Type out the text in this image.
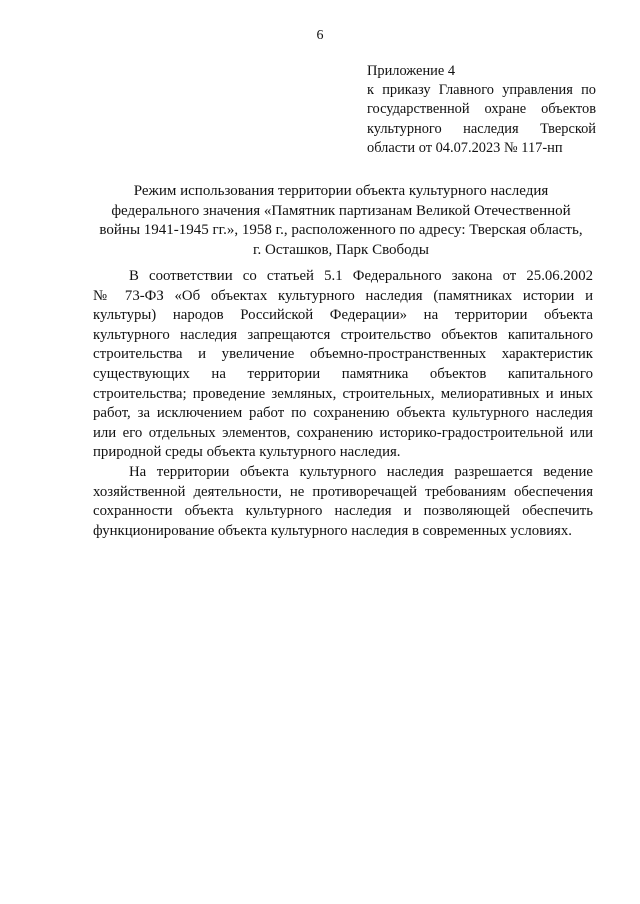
6
Приложение 4
к приказу Главного управления по
государственной охране объектов
культурного наследия Тверской
области от 04.07.2023 № 117-нп
Режим использования территории объекта культурного наследия
федерального значения «Памятник партизанам Великой Отечественной
войны 1941-1945 гг.», 1958 г., расположенного по адресу: Тверская область,
г. Осташков, Парк Свободы
В соответствии со статьей 5.1 Федерального закона от 25.06.2002
№ 73-ФЗ «Об объектах культурного наследия (памятниках истории и
культуры) народов Российской Федерации» на территории объекта
культурного наследия запрещаются строительство объектов капитального
строительства и увеличение объемно-пространственных характеристик
существующих на территории памятника объектов капитального
строительства; проведение земляных, строительных, мелиоративных и иных
работ, за исключением работ по сохранению объекта культурного наследия
или его отдельных элементов, сохранению историко-градостроительной или
природной среды объекта культурного наследия.
На территории объекта культурного наследия разрешается ведение
хозяйственной деятельности, не противоречащей требованиям обеспечения
сохранности объекта культурного наследия и позволяющей обеспечить
функционирование объекта культурного наследия в современных условиях.
